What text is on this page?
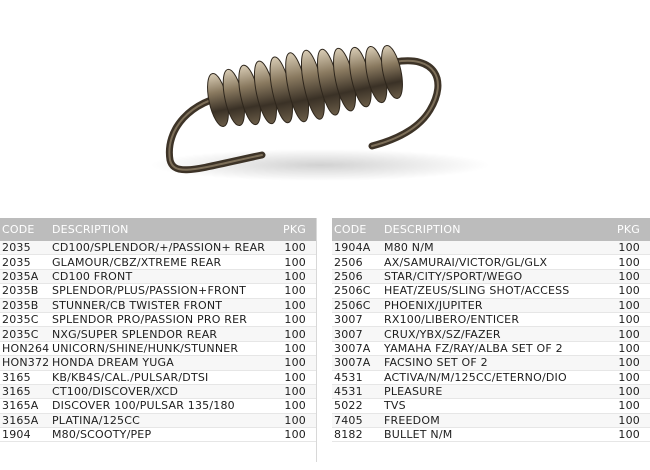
CODE	DESCRIPTION	PKG
2035	CD100/SPLENDOR/+/PASSION+ REAR	100
2035	GLAMOUR/CBZ/XTREME REAR	100
2035A	CD100 FRONT	100
2035B	SPLENDOR/PLUS/PASSION+FRONT	100
2035B	STUNNER/CB TWISTER FRONT	100
2035C	SPLENDOR PRO/PASSION PRO RER	100
2035C	NXG/SUPER SPLENDOR REAR	100
HON264	UNICORN/SHINE/HUNK/STUNNER	100
HON372	HONDA DREAM YUGA	100
3165	KB/KB4S/CAL./PULSAR/DTSI	100
3165	CT100/DISCOVER/XCD	100
3165A	DISCOVER 100/PULSAR 135/180	100
3165A	PLATINA/125CC	100
1904	M80/SCOOTY/PEP	100
CODE	DESCRIPTION	PKG
1904A	M80 N/M	100
2506	AX/SAMURAI/VICTOR/GL/GLX	100
2506	STAR/CITY/SPORT/WEGO	100
2506C	HEAT/ZEUS/SLING SHOT/ACCESS	100
2506C	PHOENIX/JUPITER	100
3007	RX100/LIBERO/ENTICER	100
3007	CRUX/YBX/SZ/FAZER	100
3007A	YAMAHA FZ/RAY/ALBA SET OF 2	100
3007A	FACSINO SET OF 2	100
4531	ACTIVA/N/M/125CC/ETERNO/DIO	100
4531	PLEASURE	100
5022	TVS	100
7405	FREEDOM	100
8182	BULLET N/M	100
